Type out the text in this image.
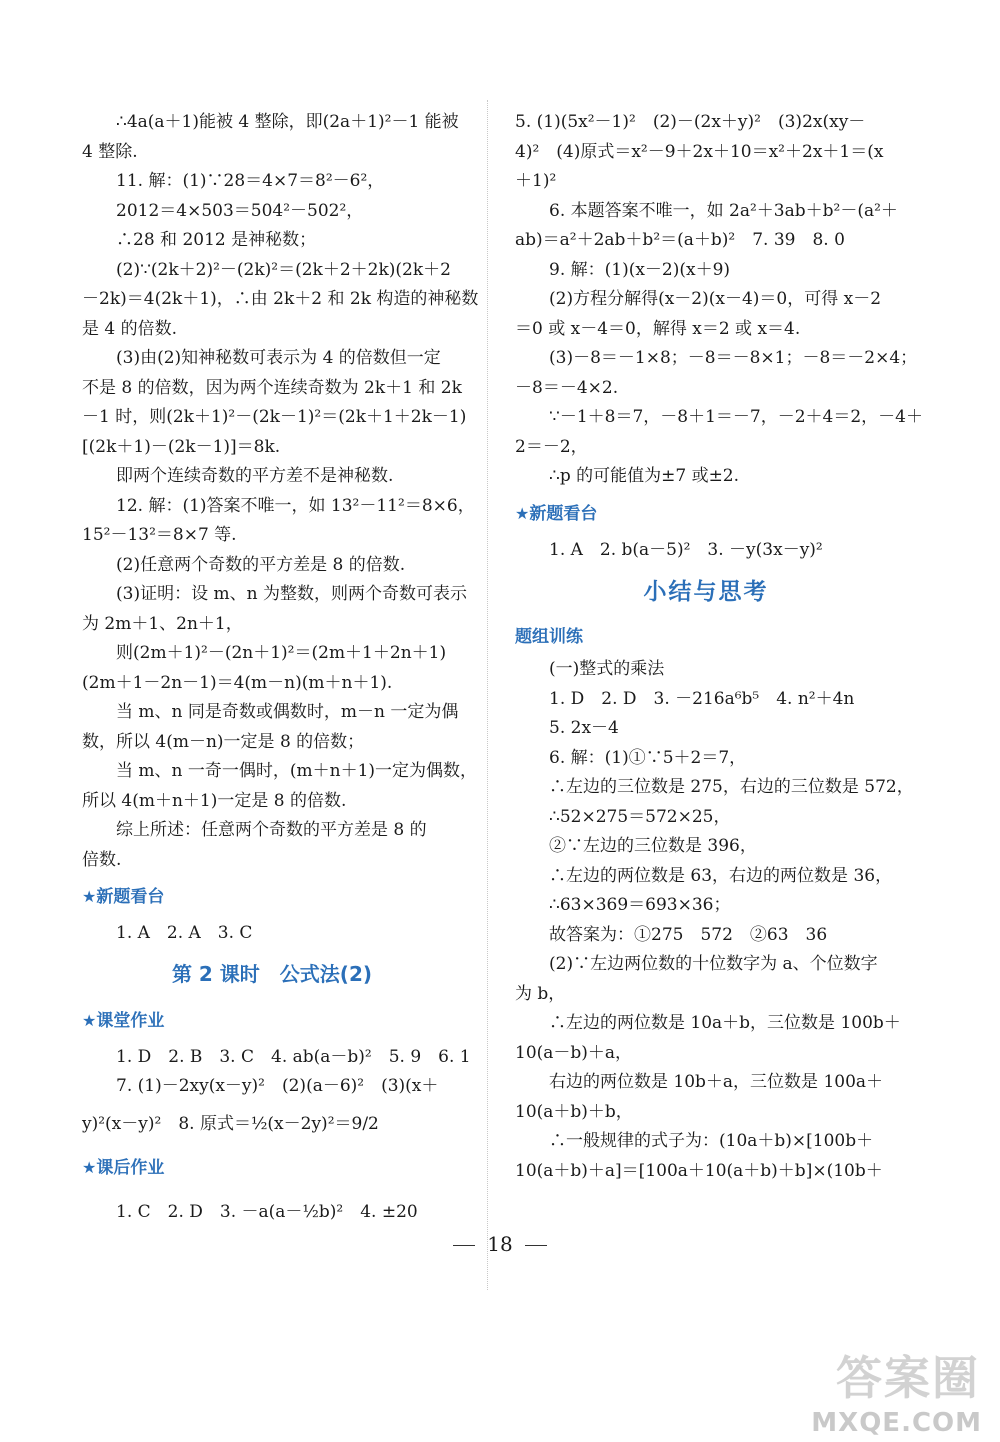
∴4a(a＋1)能被 4 整除，即(2a＋1)²－1 能被
4 整除.
11. 解：(1)∵28＝4×7＝8²－6²，
2012＝4×503＝504²－502²，
∴28 和 2012 是神秘数；
(2)∵(2k＋2)²－(2k)²＝(2k＋2＋2k)(2k＋2
－2k)＝4(2k＋1)，∴由 2k＋2 和 2k 构造的神秘数
是 4 的倍数.
(3)由(2)知神秘数可表示为 4 的倍数但一定
不是 8 的倍数，因为两个连续奇数为 2k＋1 和 2k
－1 时，则(2k＋1)²－(2k－1)²＝(2k＋1＋2k－1)
[(2k＋1)－(2k－1)]＝8k.
即两个连续奇数的平方差不是神秘数.
12. 解：(1)答案不唯一，如 13²－11²＝8×6，
15²－13²＝8×7 等.
(2)任意两个奇数的平方差是 8 的倍数.
(3)证明：设 m、n 为整数，则两个奇数可表示
为 2m＋1、2n＋1，
则(2m＋1)²－(2n＋1)²＝(2m＋1＋2n＋1)
(2m＋1－2n－1)＝4(m－n)(m＋n＋1).
当 m、n 同是奇数或偶数时，m－n 一定为偶
数，所以 4(m－n)一定是 8 的倍数；
当 m、n 一奇一偶时，(m＋n＋1)一定为偶数，
所以 4(m＋n＋1)一定是 8 的倍数.
综上所述：任意两个奇数的平方差是 8 的
倍数.
★新题看台
1. A　2. A　3. C
第 2 课时　公式法(2)
★课堂作业
1. D　2. B　3. C　4. ab(a－b)²　5. 9　6. 1
7. (1)－2xy(x－y)²　(2)(a－6)²　(3)(x＋
y)²(x－y)²　8. 原式＝½(x－2y)²＝9/2
★课后作业
1. C　2. D　3. －a(a－½b)²　4. ±20
5. (1)(5x²－1)²　(2)－(2x＋y)²　(3)2x(xy－
4)²　(4)原式＝x²－9＋2x＋10＝x²＋2x＋1＝(x
＋1)²
6. 本题答案不唯一，如 2a²＋3ab＋b²－(a²＋
ab)＝a²＋2ab＋b²＝(a＋b)²　7. 39　8. 0
9. 解：(1)(x－2)(x＋9)
(2)方程分解得(x－2)(x－4)＝0，可得 x－2
＝0 或 x－4＝0，解得 x＝2 或 x＝4.
(3)－8＝－1×8；－8＝－8×1；－8＝－2×4；
－8＝－4×2.
∵－1＋8＝7，－8＋1＝－7，－2＋4＝2，－4＋
2＝－2，
∴p 的可能值为±7 或±2.
★新题看台
1. A　2. b(a－5)²　3. －y(3x－y)²
小结与思考
题组训练
(一)整式的乘法
1. D　2. D　3. －216a⁶b⁵　4. n²＋4n
5. 2x－4
6. 解：(1)①∵5＋2＝7，
∴左边的三位数是 275，右边的三位数是 572，
∴52×275＝572×25，
②∵左边的三位数是 396，
∴左边的两位数是 63，右边的两位数是 36，
∴63×369＝693×36；
故答案为：①275　572　②63　36
(2)∵左边两位数的十位数字为 a、个位数字
为 b，
∴左边的两位数是 10a＋b，三位数是 100b＋
10(a－b)＋a，
右边的两位数是 10b＋a，三位数是 100a＋
10(a＋b)＋b，
∴一般规律的式子为：(10a＋b)×[100b＋
10(a＋b)＋a]＝[100a＋10(a＋b)＋b]×(10b＋
18
答案圈
MXQE.COM
